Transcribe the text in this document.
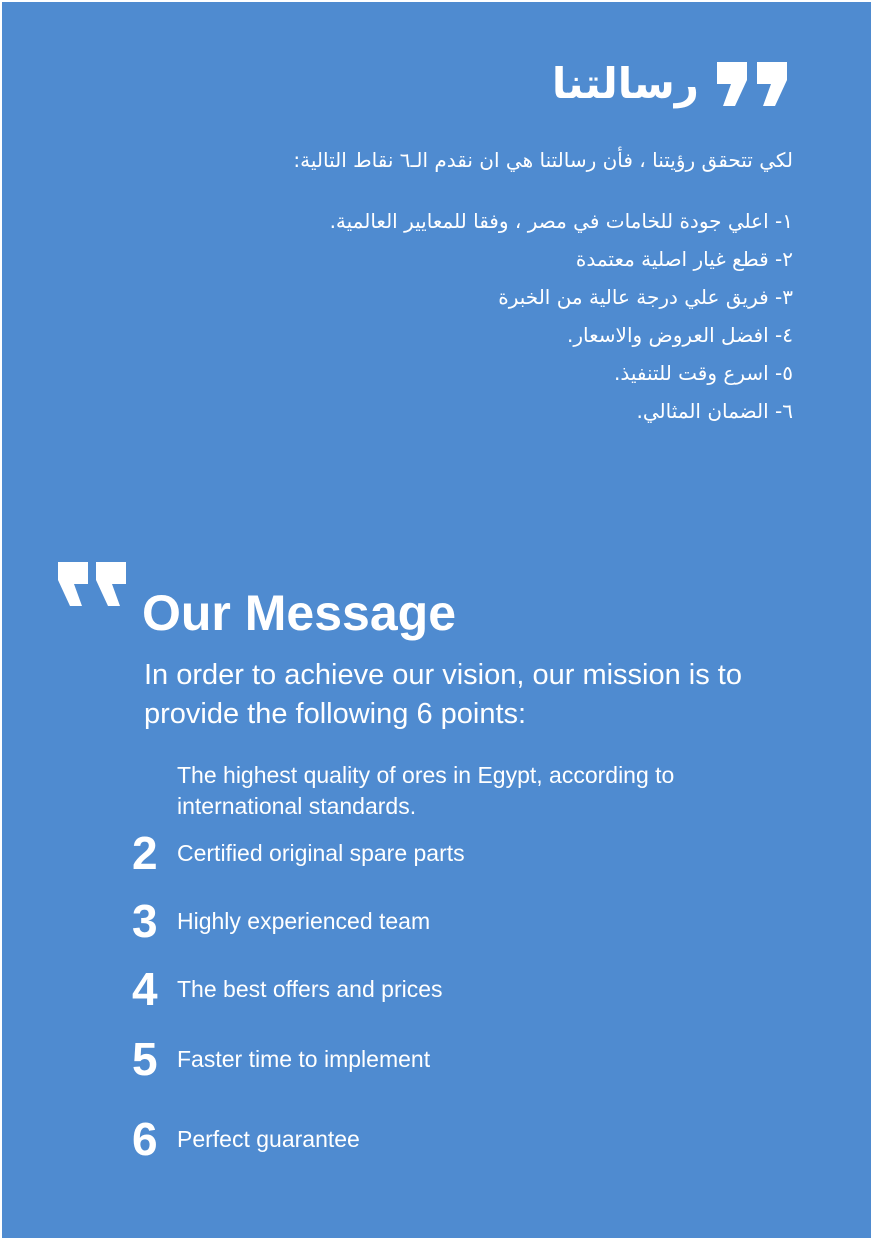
رسالتنا
لكي تتحقق رؤيتنا ، فأن رسالتنا هي ان نقدم الـ٦ نقاط التالية:
١- اعلي جودة للخامات في مصر ، وفقا للمعايير العالمية.
٢- قطع غيار اصلية معتمدة
٣- فريق علي درجة عالية من الخبرة
٤- افضل العروض والاسعار.
٥- اسرع وقت للتنفيذ.
٦- الضمان المثالي.
Our Message
In order to achieve our vision, our mission is to provide the following 6 points:
The highest quality of ores in Egypt, according to international standards.
2 Certified original spare parts
3 Highly experienced team
4 The best offers and prices
5 Faster time to implement
6 Perfect guarantee
